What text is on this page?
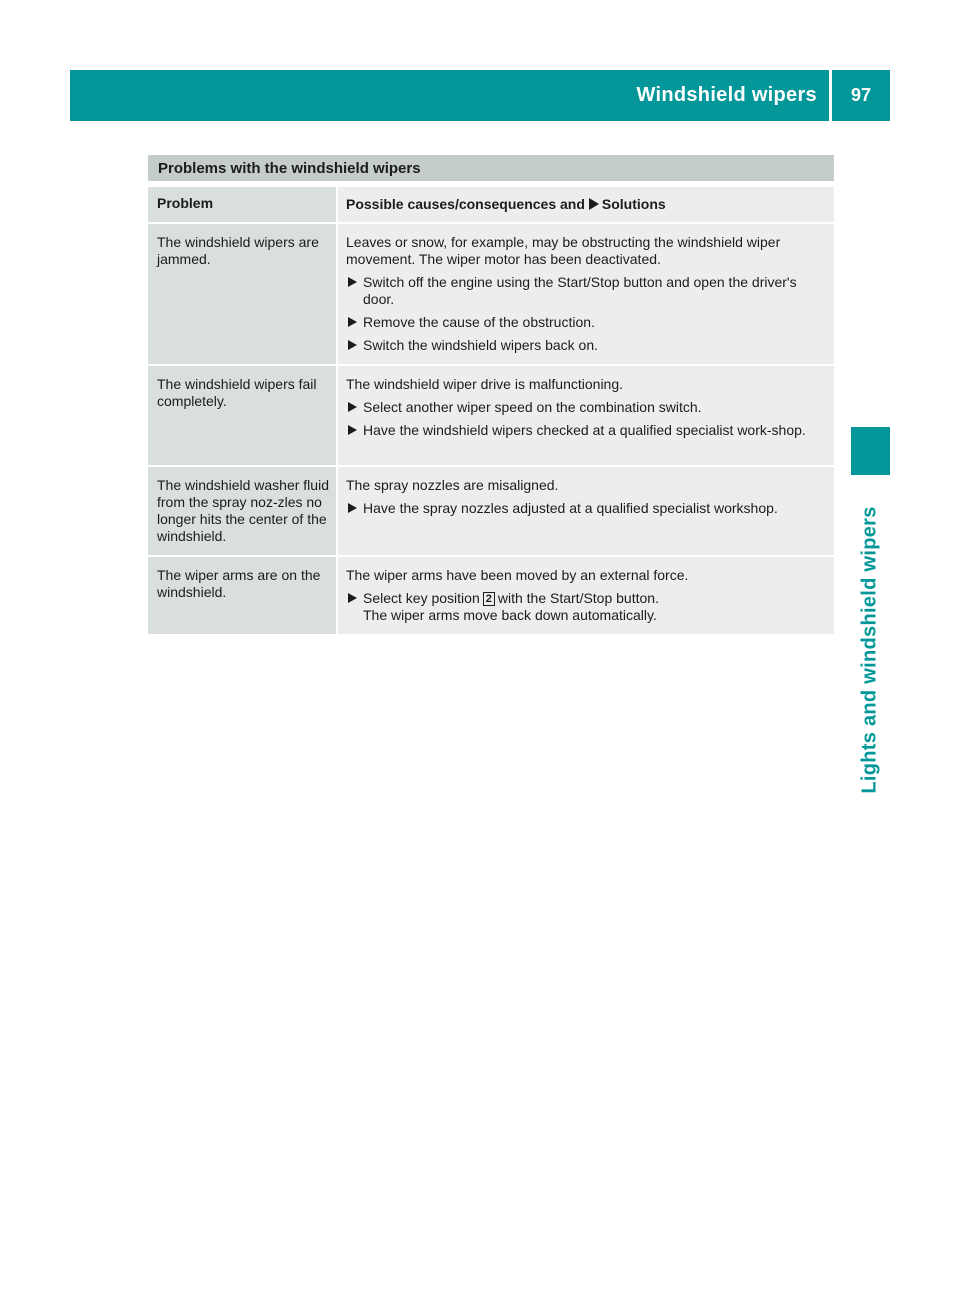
Windshield wipers	97
Lights and windshield wipers
Problems with the windshield wipers
Problem	Possible causes/consequences and Solutions
The windshield wipers are jammed.
Leaves or snow, for example, may be obstructing the windshield wiper movement. The wiper motor has been deactivated.
Switch off the engine using the Start/Stop button and open the driver's door.
Remove the cause of the obstruction.
Switch the windshield wipers back on.
The windshield wipers fail completely.
The windshield wiper drive is malfunctioning.
Select another wiper speed on the combination switch.
Have the windshield wipers checked at a qualified specialist work-shop.
The windshield washer fluid from the spray noz-zles no longer hits the center of the windshield.
The spray nozzles are misaligned.
Have the spray nozzles adjusted at a qualified specialist workshop.
The wiper arms are on the windshield.
The wiper arms have been moved by an external force.
Select key position 2 with the Start/Stop button.
The wiper arms move back down automatically.
